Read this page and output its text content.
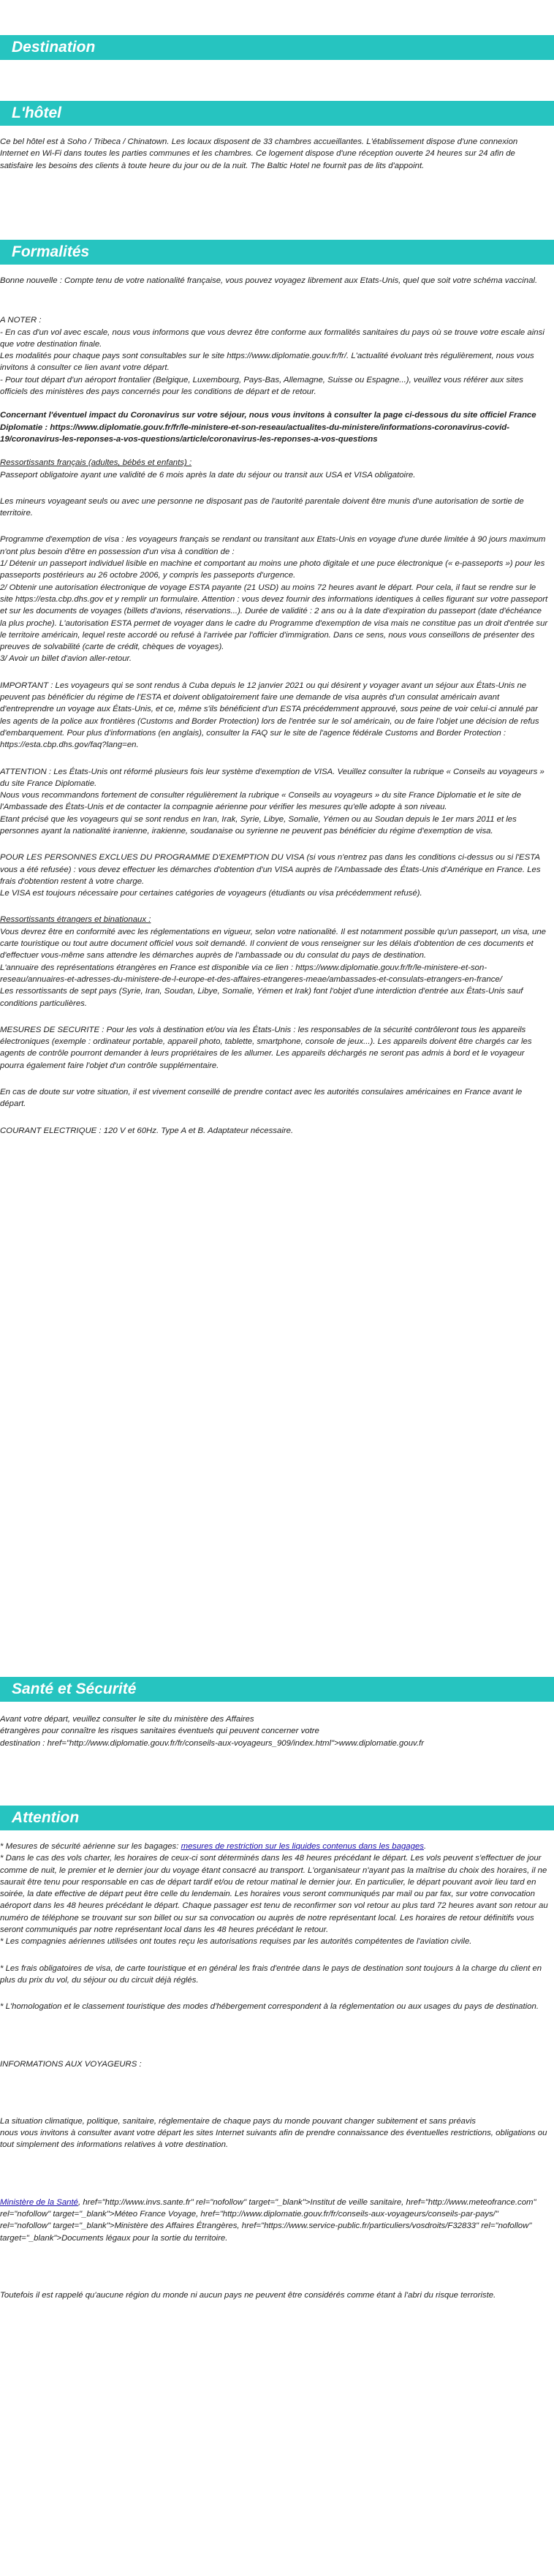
Destination
L'hôtel

Ce bel hôtel est à Soho / Tribeca / Chinatown. Les locaux disposent de 33 chambres accueillantes. L'établissement dispose d'une connexion Internet en Wi-Fi dans toutes les parties communes et les chambres. Ce logement dispose d'une réception ouverte 24 heures sur 24 afin de satisfaire les besoins des clients à toute heure du jour ou de la nuit. The Baltic Hotel ne fournit pas de lits d'appoint.

Formalités

Bonne nouvelle : Compte tenu de votre nationalité française, vous pouvez voyagez librement aux Etats-Unis, quel que soit votre schéma vaccinal.

A NOTER :

- En cas d'un vol avec escale, nous vous informons que vous devrez être conforme aux formalités sanitaires du pays où se trouve votre escale ainsi que votre destination finale.

Les modalités pour chaque pays sont consultables sur le site https://www.diplomatie.gouv.fr/fr/. L'actualité évoluant très régulièrement, nous vous invitons à consulter ce lien avant votre départ.

- Pour tout départ d'un aéroport frontalier (Belgique, Luxembourg, Pays-Bas, Allemagne, Suisse ou Espagne...), veuillez vous référer aux sites officiels des ministères des pays concernés pour les conditions de départ et de retour.

Concernant l'éventuel impact du Coronavirus sur votre séjour, nous vous invitons à consulter la page ci-dessous du site officiel France Diplomatie : https://www.diplomatie.gouv.fr/fr/le-ministere-et-son-reseau/actualites-du-ministere/informations-coronavirus-covid-19/coronavirus-les-reponses-a-vos-questions/article/coronavirus-les-reponses-a-vos-questions

Ressortissants français (adultes, bébés et enfants) :

Passeport obligatoire ayant une validité de 6 mois après la date du séjour ou transit aux USA et VISA obligatoire.

Les mineurs voyageant seuls ou avec une personne ne disposant pas de l'autorité parentale doivent être munis d'une autorisation de sortie de territoire.

Programme d'exemption de visa : les voyageurs français se rendant ou transitant aux Etats-Unis en voyage d'une durée limitée à 90 jours maximum n'ont plus besoin d'être en possession d'un visa à condition de :

1/ Détenir un passeport individuel lisible en machine et comportant au moins une photo digitale et une puce électronique (« e-passeports ») pour les passeports postérieurs au 26 octobre 2006, y compris les passeports d'urgence.

2/ Obtenir une autorisation électronique de voyage ESTA payante (21 USD) au moins 72 heures avant le départ. Pour cela, il faut se rendre sur le site https://esta.cbp.dhs.gov et y remplir un formulaire. Attention : vous devez fournir des informations identiques à celles figurant sur votre passeport et sur les documents de voyages (billets d'avions, réservations...). Durée de validité : 2 ans ou à la date d'expiration du passeport (date d'échéance la plus proche). L'autorisation ESTA permet de voyager dans le cadre du Programme d'exemption de visa mais ne constitue pas un droit d'entrée sur le territoire américain, lequel reste accordé ou refusé à l'arrivée par l'officier d'immigration. Dans ce sens, nous vous conseillons de présenter des preuves de solvabilité (carte de crédit, chèques de voyages).

3/ Avoir un billet d'avion aller-retour.

IMPORTANT : Les voyageurs qui se sont rendus à Cuba depuis le 12 janvier 2021 ou qui désirent y voyager avant un séjour aux États-Unis ne peuvent pas bénéficier du régime de l'ESTA et doivent obligatoirement faire une demande de visa auprès d'un consulat américain avant d'entreprendre un voyage aux États-Unis, et ce, même s'ils bénéficient d'un ESTA précédemment approuvé, sous peine de voir celui-ci annulé par les agents de la police aux frontières (Customs and Border Protection) lors de l'entrée sur le sol américain, ou de faire l'objet une décision de refus d'embarquement. Pour plus d'informations (en anglais), consulter la FAQ sur le site de l'agence fédérale Customs and Border Protection : https://esta.cbp.dhs.gov/faq?lang=en.

ATTENTION : Les États-Unis ont réformé plusieurs fois leur système d'exemption de VISA. Veuillez consulter la rubrique « Conseils au voyageurs » du site France Diplomatie.

Nous vous recommandons fortement de consulter régulièrement la rubrique « Conseils au voyageurs » du site France Diplomatie et le site de l'Ambassade des États-Unis et de contacter la compagnie aérienne pour vérifier les mesures qu'elle adopte à son niveau.

Etant précisé que les voyageurs qui se sont rendus en Iran, Irak, Syrie, Libye, Somalie, Yémen ou au Soudan depuis le 1er mars 2011 et les personnes ayant la nationalité iranienne, irakienne, soudanaise ou syrienne ne peuvent pas bénéficier du régime d'exemption de visa.

POUR LES PERSONNES EXCLUES DU PROGRAMME D'EXEMPTION DU VISA (si vous n'entrez pas dans les conditions ci-dessus ou si l'ESTA vous a été refusée) : vous devez effectuer les démarches d'obtention d'un VISA auprès de l'Ambassade des États-Unis d'Amérique en France. Les frais d'obtention restent à votre charge.

Le VISA est toujours nécessaire pour certaines catégories de voyageurs (étudiants ou visa précédemment refusé).

Ressortissants étrangers et binationaux :

Vous devrez être en conformité avec les réglementations en vigueur, selon votre nationalité. Il est notamment possible qu'un passeport, un visa, une carte touristique ou tout autre document officiel vous soit demandé. Il convient de vous renseigner sur les délais d'obtention de ces documents et d'effectuer vous-même sans attendre les démarches auprès de l'ambassade ou du consulat du pays de destination.

L'annuaire des représentations étrangères en France est disponible via ce lien : https://www.diplomatie.gouv.fr/fr/le-ministere-et-son-reseau/annuaires-et-adresses-du-ministere-de-l-europe-et-des-affaires-etrangeres-meae/ambassades-et-consulats-etrangers-en-france/

Les ressortissants de sept pays (Syrie, Iran, Soudan, Libye, Somalie, Yémen et Irak) font l'objet d'une interdiction d'entrée aux États-Unis sauf conditions particulières.

MESURES DE SECURITE : Pour les vols à destination et/ou via les États-Unis : les responsables de la sécurité contrôleront tous les appareils électroniques (exemple : ordinateur portable, appareil photo, tablette, smartphone, console de jeux...). Les appareils doivent être chargés car les agents de contrôle pourront demander à leurs propriétaires de les allumer. Les appareils déchargés ne seront pas admis à bord et le voyageur pourra également faire l'objet d'un contrôle supplémentaire.

En cas de doute sur votre situation, il est vivement conseillé de prendre contact avec les autorités consulaires américaines en France avant le départ.

COURANT ELECTRIQUE : 120 V et 60Hz. Type A et B. Adaptateur nécessaire.

Santé et Sécurité

Avant votre départ, veuillez consulter le site du ministère des Affaires

étrangères pour connaître les risques sanitaires éventuels qui peuvent concerner votre

destination : href="http://www.diplomatie.gouv.fr/fr/conseils-aux-voyageurs_909/index.html">www.diplomatie.gouv.fr

Attention

* Mesures de sécurité aérienne sur les bagages: mesures de restriction sur les liquides contenus dans les bagages.

* Dans le cas des vols charter, les horaires de ceux-ci sont déterminés dans les 48 heures précédant le départ. Les vols peuvent s'effectuer de jour comme de nuit, le premier et le dernier jour du voyage étant consacré au transport. L'organisateur n'ayant pas la maîtrise du choix des horaires, il ne saurait être tenu pour responsable en cas de départ tardif et/ou de retour matinal le dernier jour. En particulier, le départ pouvant avoir lieu tard en soirée, la date effective de départ peut être celle du lendemain. Les horaires vous seront communiqués par mail ou par fax, sur votre convocation aéroport dans les 48 heures précédant le départ. Chaque passager est tenu de reconfirmer son vol retour au plus tard 72 heures avant son retour au numéro de téléphone se trouvant sur son billet ou sur sa convocation ou auprès de notre représentant local. Les horaires de retour définitifs vous seront communiqués par notre représentant local dans les 48 heures précédant le retour.

* Les compagnies aériennes utilisées ont toutes reçu les autorisations requises par les autorités compétentes de l'aviation civile.

* Les frais obligatoires de visa, de carte touristique et en général les frais d'entrée dans le pays de destination sont toujours à la charge du client en plus du prix du vol, du séjour ou du circuit déjà réglés.

* L'homologation et le classement touristique des modes d'hébergement correspondent à la réglementation ou aux usages du pays de destination.

INFORMATIONS AUX VOYAGEURS :

La situation climatique, politique, sanitaire, réglementaire de chaque pays du monde pouvant changer subitement et sans préavis

nous vous invitons à consulter avant votre départ les sites Internet suivants afin de prendre connaissance des éventuelles restrictions, obligations ou tout simplement des informations relatives à votre destination.

Ministère de la Santé, href="http://www.invs.sante.fr" rel="nofollow" target="_blank">Institut de veille sanitaire, href="http://www.meteofrance.com" rel="nofollow" target="_blank">Méteo France Voyage, href="http://www.diplomatie.gouv.fr/fr/conseils-aux-voyageurs/conseils-par-pays/" rel="nofollow" target="_blank">Ministère des Affaires Étrangères, href="https://www.service-public.fr/particuliers/vosdroits/F32833" rel="nofollow" target="_blank">Documents légaux pour la sortie du territoire.

Toutefois il est rappelé qu'aucune région du monde ni aucun pays ne peuvent être considérés comme étant à l'abri du risque terroriste.
